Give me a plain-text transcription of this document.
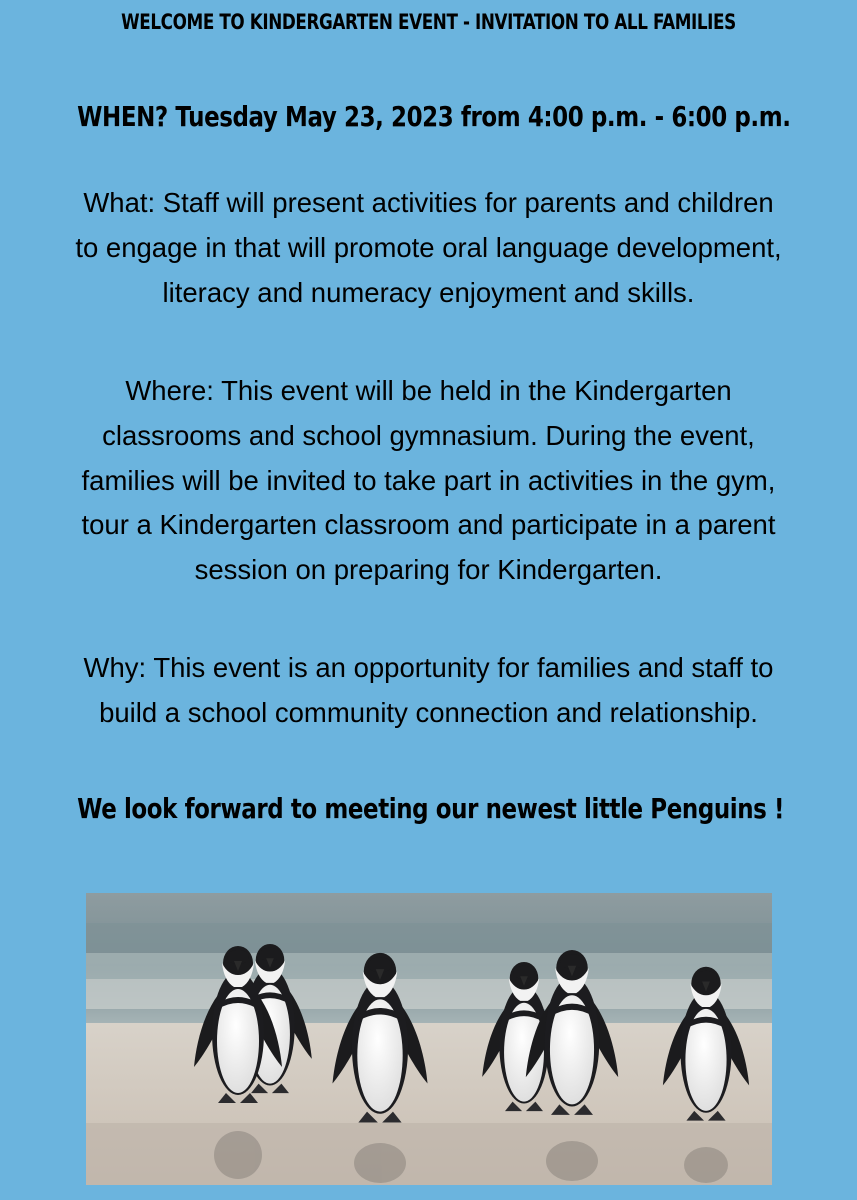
WELCOME TO KINDERGARTEN EVENT - INVITATION TO ALL FAMILIES
WHEN? Tuesday May 23, 2023 from 4:00 p.m. - 6:00 p.m.
What: Staff will present activities for parents and children
to engage in that will promote oral language development,
literacy and numeracy enjoyment and skills.
Where: This event will be held in the Kindergarten
classrooms and school gymnasium. During the event,
families will be invited to take part in activities in the gym,
tour a Kindergarten classroom and participate in a parent
session on preparing for Kindergarten.
Why: This event is an opportunity for families and staff to
build a school community connection and relationship.
We look forward to meeting our newest little Penguins !
